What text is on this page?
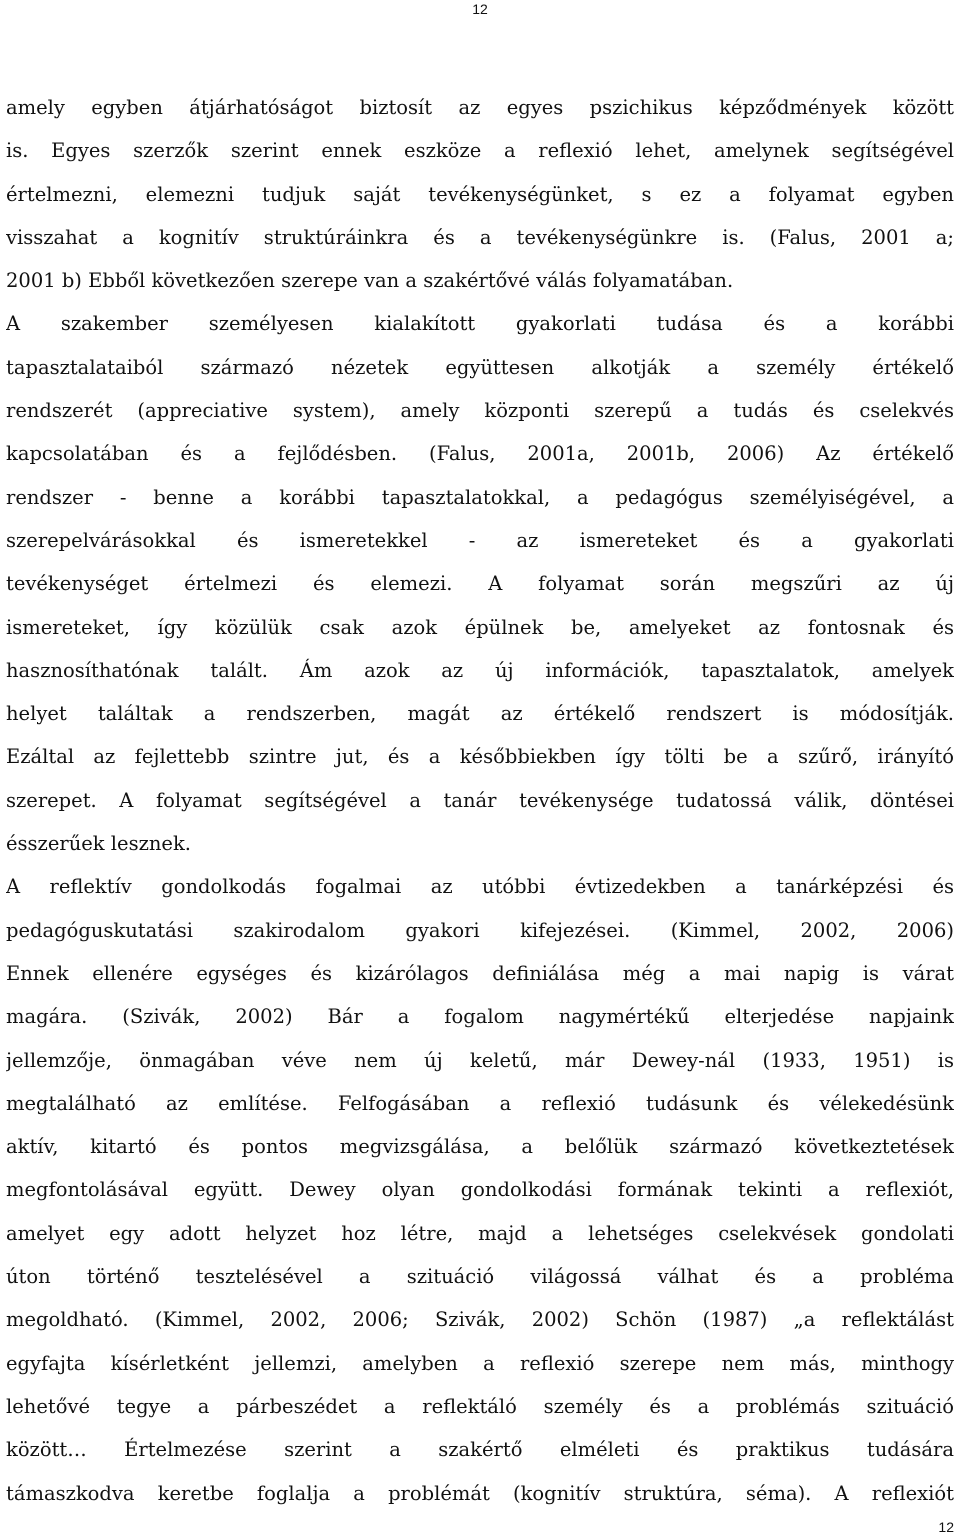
12
amely egyben átjárhatóságot biztosít az egyes pszichikus képződmények között
is. Egyes szerzők szerint ennek eszköze a reflexió lehet, amelynek segítségével
értelmezni, elemezni tudjuk saját tevékenységünket, s ez a folyamat egyben
visszahat a kognitív struktúráinkra és a tevékenységünkre is. (Falus, 2001 a;
2001 b) Ebből következően szerepe van a szakértővé válás folyamatában.
A szakember személyesen kialakított gyakorlati tudása és a korábbi
tapasztalataiból származó nézetek együttesen alkotják a személy értékelő
rendszerét (appreciative system), amely központi szerepű a tudás és cselekvés
kapcsolatában és a fejlődésben. (Falus, 2001a, 2001b, 2006) Az értékelő
rendszer - benne a korábbi tapasztalatokkal, a pedagógus személyiségével, a
szerepelvárásokkal és ismeretekkel - az ismereteket és a gyakorlati
tevékenységet értelmezi és elemezi. A folyamat során megszűri az új
ismereteket, így közülük csak azok épülnek be, amelyeket az fontosnak és
hasznosíthatónak talált. Ám azok az új információk, tapasztalatok, amelyek
helyet találtak a rendszerben, magát az értékelő rendszert is módosítják.
Ezáltal az fejlettebb szintre jut, és a későbbiekben így tölti be a szűrő, irányító
szerepet. A folyamat segítségével a tanár tevékenysége tudatossá válik, döntései
ésszerűek lesznek.
A reflektív gondolkodás fogalmai az utóbbi évtizedekben a tanárképzési és
pedagóguskutatási szakirodalom gyakori kifejezései. (Kimmel, 2002, 2006)
Ennek ellenére egységes és kizárólagos definiálása még a mai napig is várat
magára. (Szivák, 2002) Bár a fogalom nagymértékű elterjedése napjaink
jellemzője, önmagában véve nem új keletű, már Dewey-nál (1933, 1951) is
megtalálható az említése. Felfogásában a reflexió tudásunk és vélekedésünk
aktív, kitartó és pontos megvizsgálása, a belőlük származó következtetések
megfontolásával együtt. Dewey olyan gondolkodási formának tekinti a reflexiót,
amelyet egy adott helyzet hoz létre, majd a lehetséges cselekvések gondolati
úton történő tesztelésével a szituáció világossá válhat és a probléma
megoldható. (Kimmel, 2002, 2006; Szivák, 2002) Schön (1987) „a reflektálást
egyfajta kísérletként jellemzi, amelyben a reflexió szerepe nem más, minthogy
lehetővé tegye a párbeszédet a reflektáló személy és a problémás szituáció
között… Értelmezése szerint a szakértő elméleti és praktikus tudására
támaszkodva keretbe foglalja a problémát (kognitív struktúra, séma). A reflexiót
12
